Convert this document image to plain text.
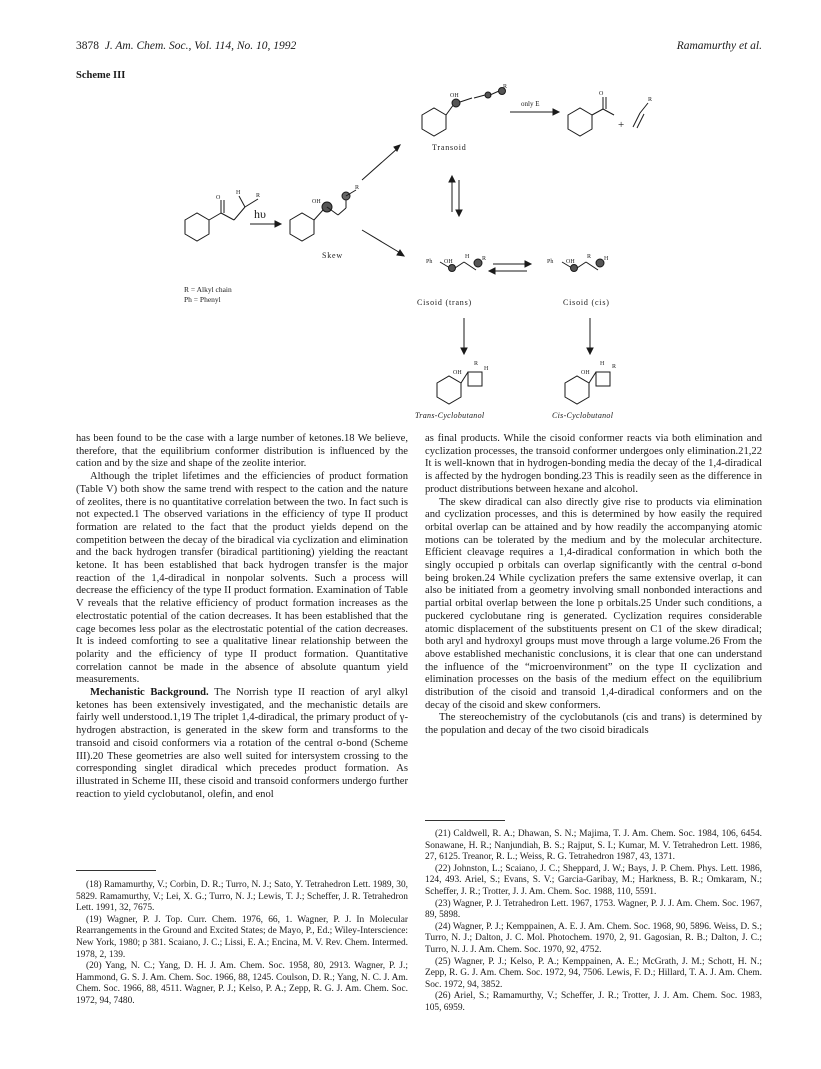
3878 J. Am. Chem. Soc., Vol. 114, No. 10, 1992	Ramamurthy et al.
Scheme III
O
H	R
OH
R
OH
R
O
R
Ph OH
H R	Ph OH
R H
OH
R
H
OH
H R
hυ
only E
+
Skew
Transoid
Cisoid (trans)	Cisoid (cis)
Trans-Cyclobutanol	Cis-Cyclobutanol
R = Alkyl chain
Ph = Phenyl

has been found to be the case with a large number of ketones.18 We believe, therefore, that the equilibrium conformer distribution is influenced by the cation and by the size and shape of the zeolite interior.

Although the triplet lifetimes and the efficiencies of product formation (Table V) both show the same trend with respect to the cation and the nature of zeolites, there is no quantitative correlation between the two. In fact such is not expected.1 The observed variations in the efficiency of type II product formation are related to the fact that the product yields depend on the competition between the decay of the biradical via cyclization and elimination and the back hydrogen transfer (biradical partitioning) yielding the reactant ketone. It has been established that back hydrogen transfer is the major reaction of the 1,4-diradical in nonpolar solvents. Such a process will decrease the efficiency of the type II product formation. Examination of Table V reveals that the relative efficiency of product formation increases as the electrostatic potential of the cation decreases. It has been established that the cage becomes less polar as the electrostatic potential of the cation decreases. It is indeed comforting to see a qualitative linear relationship between the polarity and the efficiency of type II product formation. Quantitative correlation cannot be made in the absence of absolute quantum yield measurements.

Mechanistic Background. The Norrish type II reaction of aryl alkyl ketones has been extensively investigated, and the mechanistic details are fairly well understood.1,19 The triplet 1,4-diradical, the primary product of γ-hydrogen abstraction, is generated in the skew form and transforms to the transoid and cisoid conformers via a rotation of the central σ-bond (Scheme III).20 These geometries are also well suited for intersystem crossing to the corresponding singlet diradical which precedes product formation. As illustrated in Scheme III, these cisoid and transoid conformers undergo further reaction to yield cyclobutanol, olefin, and enol

as final products. While the cisoid conformer reacts via both elimination and cyclization processes, the transoid conformer undergoes only elimination.21,22 It is well-known that in hydrogen-bonding media the decay of the 1,4-diradical is affected by the hydrogen bonding.23 This is readily seen as the difference in product distributions between hexane and alcohol.

The skew diradical can also directly give rise to products via elimination and cyclization processes, and this is determined by how easily the required orbital overlap can be attained and by how readily the accompanying atomic motions can be tolerated by the medium and by the molecular architecture. Efficient cleavage requires a 1,4-diradical conformation in which both the singly occupied p orbitals can overlap significantly with the central σ-bond being broken.24 While cyclization prefers the same extensive overlap, it can also be initiated from a geometry involving small nonbonded interactions and partial orbital overlap between the lone p orbitals.25 Under such conditions, a puckered cyclobutane ring is generated. Cyclization requires considerable atomic displacement of the substituents present on C1 of the skew diradical; both aryl and hydroxyl groups must move through a large volume.26 From the above established mechanistic conclusions, it is clear that one can understand the influence of the “microenvironment” on the type II cyclization and elimination processes on the basis of the medium effect on the equilibrium distribution of the cisoid and transoid 1,4-diradical conformers and on the decay of the cisoid and skew conformers.

The stereochemistry of the cyclobutanols (cis and trans) is determined by the population and decay of the two cisoid biradicals

(18) Ramamurthy, V.; Corbin, D. R.; Turro, N. J.; Sato, Y. Tetrahedron Lett. 1989, 30, 5829. Ramamurthy, V.; Lei, X. G.; Turro, N. J.; Lewis, T. J.; Scheffer, J. R. Tetrahedron Lett. 1991, 32, 7675.

(19) Wagner, P. J. Top. Curr. Chem. 1976, 66, 1. Wagner, P. J. In Molecular Rearrangements in the Ground and Excited States; de Mayo, P., Ed.; Wiley-Interscience: New York, 1980; p 381. Scaiano, J. C.; Lissi, E. A.; Encina, M. V. Rev. Chem. Intermed. 1978, 2, 139.

(20) Yang, N. C.; Yang, D. H. J. Am. Chem. Soc. 1958, 80, 2913. Wagner, P. J.; Hammond, G. S. J. Am. Chem. Soc. 1966, 88, 1245. Coulson, D. R.; Yang, N. C. J. Am. Chem. Soc. 1966, 88, 4511. Wagner, P. J.; Kelso, P. A.; Zepp, R. G. J. Am. Chem. Soc. 1972, 94, 7480.

(21) Caldwell, R. A.; Dhawan, S. N.; Majima, T. J. Am. Chem. Soc. 1984, 106, 6454. Sonawane, H. R.; Nanjundiah, B. S.; Rajput, S. I.; Kumar, M. V. Tetrahedron Lett. 1986, 27, 6125. Treanor, R. L.; Weiss, R. G. Tetrahedron 1987, 43, 1371.

(22) Johnston, L.; Scaiano, J. C.; Sheppard, J. W.; Bays, J. P. Chem. Phys. Lett. 1986, 124, 493. Ariel, S.; Evans, S. V.; Garcia-Garibay, M.; Harkness, B. R.; Omkaram, N.; Scheffer, J. R.; Trotter, J. J. Am. Chem. Soc. 1988, 110, 5591.

(23) Wagner, P. J. Tetrahedron Lett. 1967, 1753. Wagner, P. J. J. Am. Chem. Soc. 1967, 89, 5898.

(24) Wagner, P. J.; Kemppainen, A. E. J. Am. Chem. Soc. 1968, 90, 5896. Weiss, D. S.; Turro, N. J.; Dalton, J. C. Mol. Photochem. 1970, 2, 91. Gagosian, R. B.; Dalton, J. C.; Turro, N. J. J. Am. Chem. Soc. 1970, 92, 4752.

(25) Wagner, P. J.; Kelso, P. A.; Kemppainen, A. E.; McGrath, J. M.; Schott, H. N.; Zepp, R. G. J. Am. Chem. Soc. 1972, 94, 7506. Lewis, F. D.; Hillard, T. A. J. Am. Chem. Soc. 1972, 94, 3852.

(26) Ariel, S.; Ramamurthy, V.; Scheffer, J. R.; Trotter, J. J. Am. Chem. Soc. 1983, 105, 6959.
